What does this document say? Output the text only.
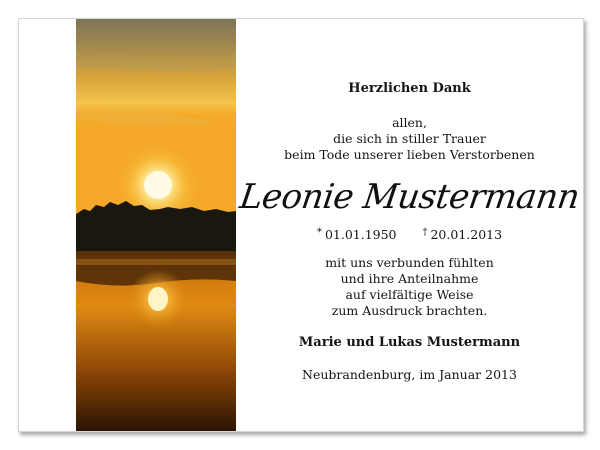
Herzlichen Dank
allen,
die sich in stiller Trauer
beim Tode unserer lieben Verstorbenen
Leonie Mustermann
* 01.01.1950	† 20.01.2013
mit uns verbunden fühlten
und ihre Anteilnahme
auf vielfältige Weise
zum Ausdruck brachten.
Marie und Lukas Mustermann
Neubrandenburg, im Januar 2013
